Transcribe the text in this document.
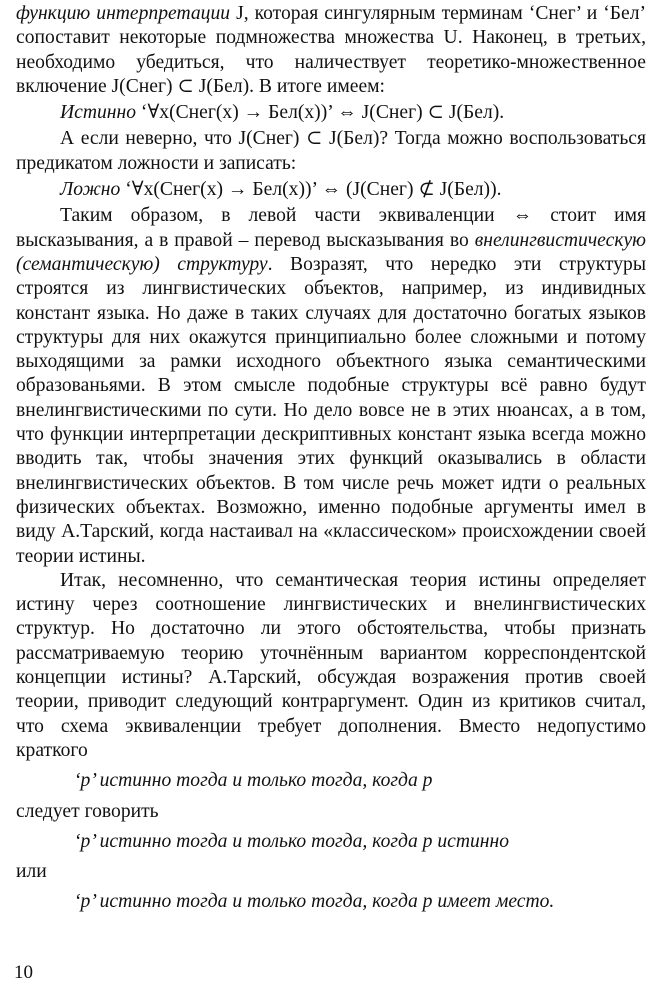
функцию интерпретации J, которая сингулярным терминам ‘Снег’ и ‘Бел’ сопоставит некоторые подмножества множества U. Наконец, в третьих, необходимо убедиться, что наличествует теоретико-множественное включение J(Снег) ⊂ J(Бел). В итоге имеем:

Истинно ‘∀x(Снег(x) → Бел(x))’ ⇔ J(Снег) ⊂ J(Бел).

А если неверно, что J(Снег) ⊂ J(Бел)? Тогда можно воспользоваться предикатом ложности и записать:

Ложно ‘∀x(Снег(x) → Бел(x))’ ⇔ (J(Снег) ⊄ J(Бел)).

Таким образом, в левой части эквиваленции ⇔ стоит имя высказывания, а в правой – перевод высказывания во внелингвистическую (семантическую) структуру. Возразят, что нередко эти структуры строятся из лингвистических объектов, например, из индивидных констант языка. Но даже в таких случаях для достаточно богатых языков структуры для них окажутся принципиально более сложными и потому выходящими за рамки исходного объектного языка семантическими образованьями. В этом смысле подобные структуры всё равно будут внелингвистическими по сути. Но дело вовсе не в этих нюансах, а в том, что функции интерпретации дескриптивных констант языка всегда можно вводить так, чтобы значения этих функций оказывались в области внелингвистических объектов. В том числе речь может идти о реальных физических объектах. Возможно, именно подобные аргументы имел в виду А.Тарский, когда настаивал на «классическом» происхождении своей теории истины.

Итак, несомненно, что семантическая теория истины определяет истину через соотношение лингвистических и внелингвистических структур. Но достаточно ли этого обстоятельства, чтобы признать рассматриваемую теорию уточнённым вариантом корреспондентской концепции истины? А.Тарский, обсуждая возражения против своей теории, приводит следующий контраргумент. Один из критиков считал, что схема эквиваленции требует дополнения. Вместо недопустимо краткого

‘p’ истинно тогда и только тогда, когда p

следует говорить

‘p’ истинно тогда и только тогда, когда p истинно

или

‘p’ истинно тогда и только тогда, когда p имеет место.

10
